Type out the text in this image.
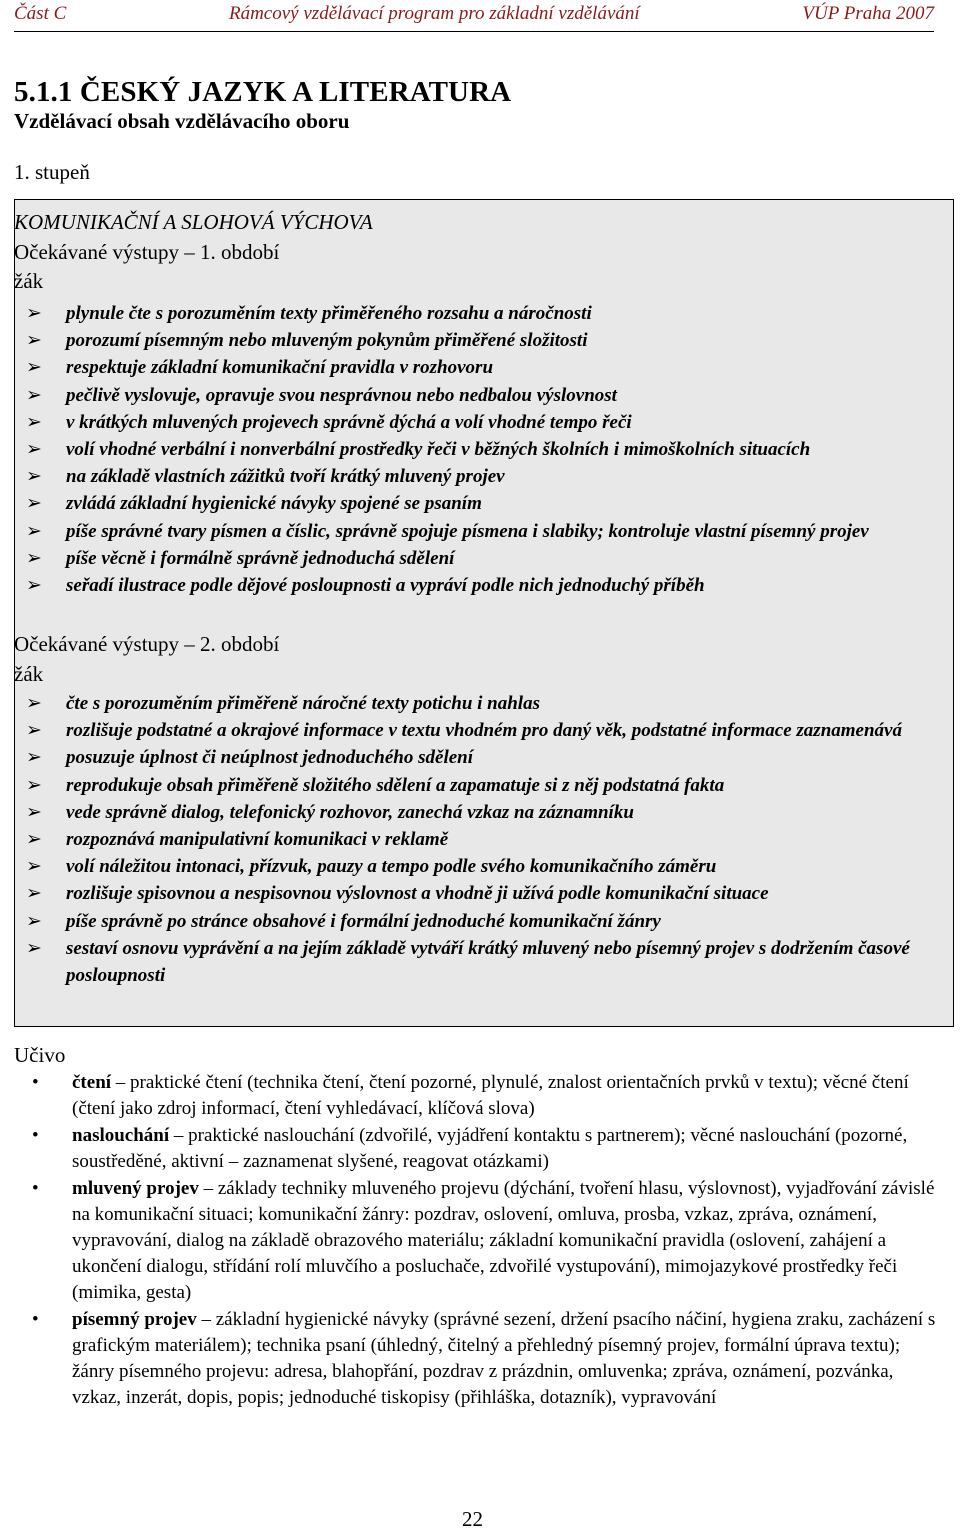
Část C	Rámcový vzdělávací program pro základní vzdělávání	VÚP Praha 2007
5.1.1 ČESKÝ JAZYK A LITERATURA
Vzdělávací obsah vzdělávacího oboru
1. stupeň
KOMUNIKAČNÍ A SLOHOVÁ VÝCHOVA
Očekávané výstupy – 1. období
žák
➢ plynule čte s porozuměním texty přiměřeného rozsahu a náročnosti
➢ porozumí písemným nebo mluveným pokynům přiměřené složitosti
➢ respektuje základní komunikační pravidla v rozhovoru
➢ pečlivě vyslovuje, opravuje svou nesprávnou nebo nedbalou výslovnost
➢ v krátkých mluvených projevech správně dýchá a volí vhodné tempo řeči
➢ volí vhodné verbální i nonverbální prostředky řeči v běžných školních i mimoškolních situacích
➢ na základě vlastních zážitků tvoří krátký mluvený projev
➢ zvládá základní hygienické návyky spojené se psaním
➢ píše správné tvary písmen a číslic, správně spojuje písmena i slabiky; kontroluje vlastní písemný projev
➢ píše věcně i formálně správně jednoduchá sdělení
➢ seřadí ilustrace podle dějové posloupnosti a vypráví podle nich jednoduchý příběh
Očekávané výstupy – 2. období
žák
➢ čte s porozuměním přiměřeně náročné texty potichu i nahlas
➢ rozlišuje podstatné a okrajové informace v textu vhodném pro daný věk, podstatné informace zaznamenává
➢ posuzuje úplnost či neúplnost jednoduchého sdělení
➢ reprodukuje obsah přiměřeně složitého sdělení a zapamatuje si z něj podstatná fakta
➢ vede správně dialog, telefonický rozhovor, zanechá vzkaz na záznamníku
➢ rozpoznává manipulativní komunikaci v reklamě
➢ volí náležitou intonaci, přízvuk, pauzy a tempo podle svého komunikačního záměru
➢ rozlišuje spisovnou a nespisovnou výslovnost a vhodně ji užívá podle komunikační situace
➢ píše správně po stránce obsahové i formální jednoduché komunikační žánry
➢ sestaví osnovu vyprávění a na jejím základě vytváří krátký mluvený nebo písemný projev s dodržením časové posloupnosti
Učivo
• čtení – praktické čtení (technika čtení, čtení pozorné, plynulé, znalost orientačních prvků v textu); věcné čtení (čtení jako zdroj informací, čtení vyhledávací, klíčová slova)
• naslouchání – praktické naslouchání (zdvořilé, vyjádření kontaktu s partnerem); věcné naslouchání (pozorné, soustředěné, aktivní – zaznamenat slyšené, reagovat otázkami)
• mluvený projev – základy techniky mluveného projevu (dýchání, tvoření hlasu, výslovnost), vyjadřování závislé na komunikační situaci; komunikační žánry: pozdrav, oslovení, omluva, prosba, vzkaz, zpráva, oznámení, vypravování, dialog na základě obrazového materiálu; základní komunikační pravidla (oslovení, zahájení a ukončení dialogu, střídání rolí mluvčího a posluchače, zdvořilé vystupování), mimojazykové prostředky řeči (mimika, gesta)
• písemný projev – základní hygienické návyky (správné sezení, držení psacího náčiní, hygiena zraku, zacházení s grafickým materiálem); technika psaní (úhledný, čitelný a přehledný písemný projev, formální úprava textu); žánry písemného projevu: adresa, blahopřání, pozdrav z prázdnin, omluvenka; zpráva, oznámení, pozvánka, vzkaz, inzerát, dopis, popis; jednoduché tiskopisy (přihláška, dotazník), vypravování
22
